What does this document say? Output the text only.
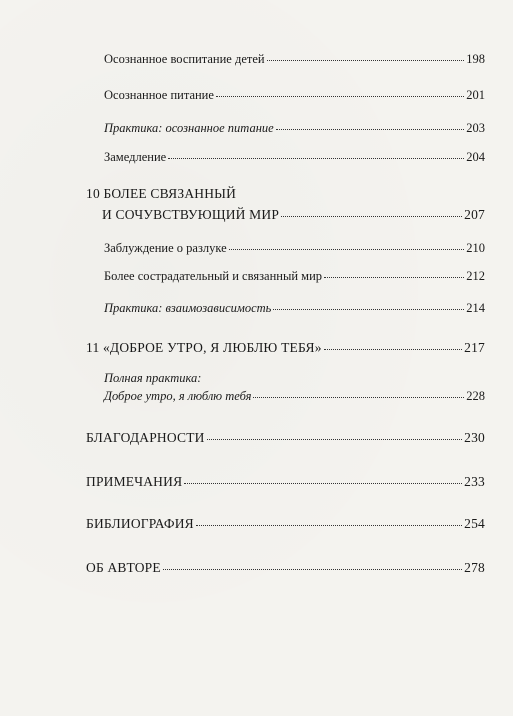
Осознанное воспитание детей	198
Осознанное питание	201
Практика: осознанное питание	203
Замедление	204
10 БОЛЕЕ СВЯЗАННЫЙ
И СОЧУВСТВУЮЩИЙ МИР	207
Заблуждение о разлуке	210
Более сострадательный и связанный мир	212
Практика: взаимозависимость	214
11 «ДОБРОЕ УТРО, Я ЛЮБЛЮ ТЕБЯ»	217
Полная практика:
Доброе утро, я люблю тебя	228
БЛАГОДАРНОСТИ	230
ПРИМЕЧАНИЯ	233
БИБЛИОГРАФИЯ	254
ОБ АВТОРЕ	278
